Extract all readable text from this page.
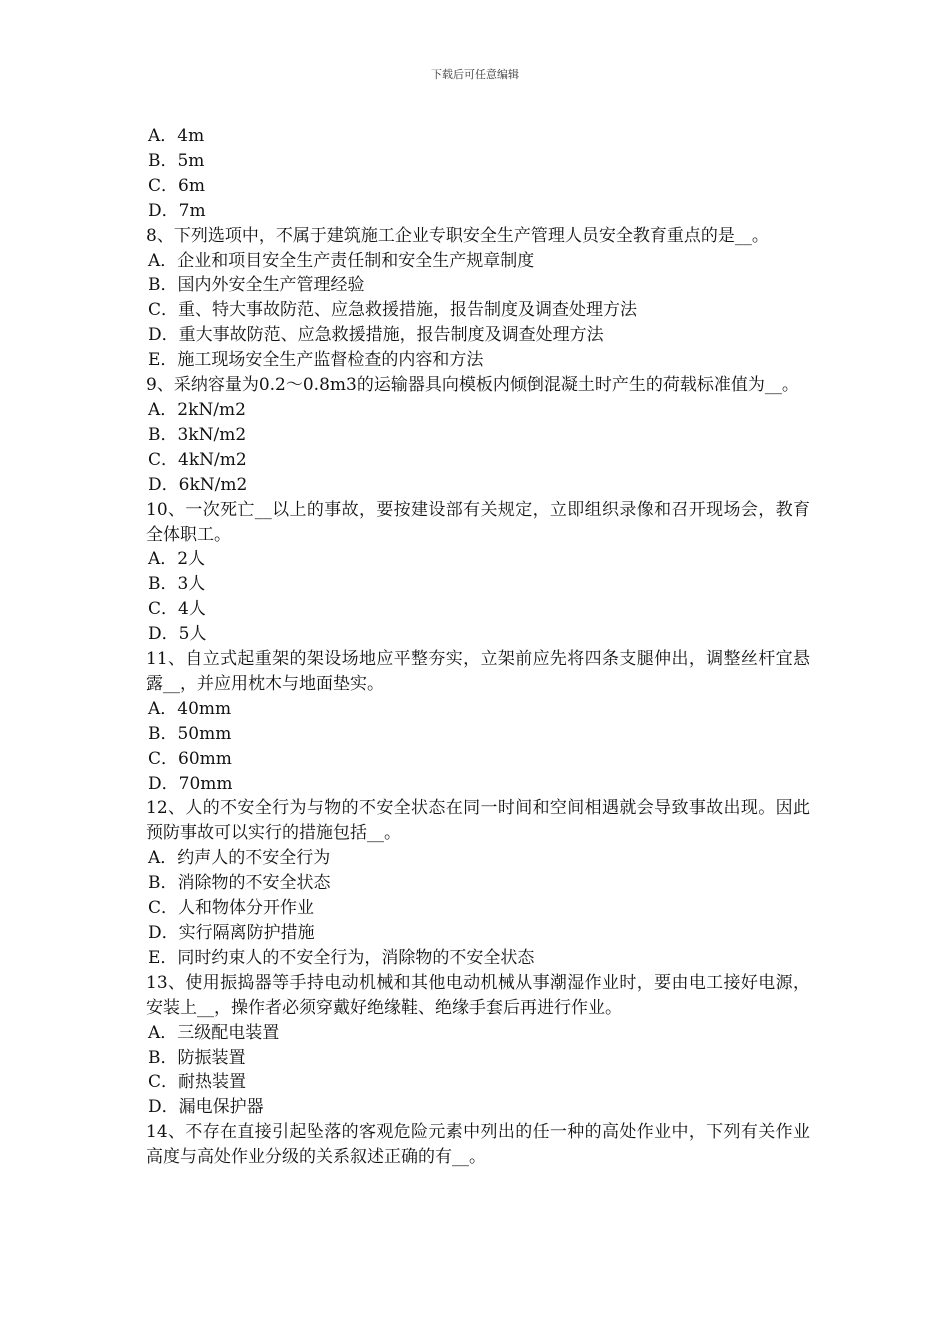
下载后可任意编辑
A．4m
B．5m
C．6m
D．7m
8、下列选项中，不属于建筑施工企业专职安全生产管理人员安全教育重点的是__。
A．企业和项目安全生产责任制和安全生产规章制度
B．国内外安全生产管理经验
C．重、特大事故防范、应急救援措施，报告制度及调查处理方法
D．重大事故防范、应急救援措施，报告制度及调查处理方法
E．施工现场安全生产监督检查的内容和方法
9、采纳容量为0.2～0.8m3的运输器具向模板内倾倒混凝土时产生的荷载标准值为__。
A．2kN/m2
B．3kN/m2
C．4kN/m2
D．6kN/m2
10、一次死亡__以上的事故，要按建设部有关规定，立即组织录像和召开现场会，教育全体职工。
A．2人
B．3人
C．4人
D．5人
11、自立式起重架的架设场地应平整夯实，立架前应先将四条支腿伸出，调整丝杆宜悬露__，并应用枕木与地面垫实。
A．40mm
B．50mm
C．60mm
D．70mm
12、人的不安全行为与物的不安全状态在同一时间和空间相遇就会导致事故出现。因此预防事故可以实行的措施包括__。
A．约声人的不安全行为
B．消除物的不安全状态
C．人和物体分开作业
D．实行隔离防护措施
E．同时约束人的不安全行为，消除物的不安全状态
13、使用振捣器等手持电动机械和其他电动机械从事潮湿作业时，要由电工接好电源，安装上__，操作者必须穿戴好绝缘鞋、绝缘手套后再进行作业。
A．三级配电装置
B．防振装置
C．耐热装置
D．漏电保护器
14、不存在直接引起坠落的客观危险元素中列出的任一种的高处作业中，下列有关作业高度与高处作业分级的关系叙述正确的有__。
